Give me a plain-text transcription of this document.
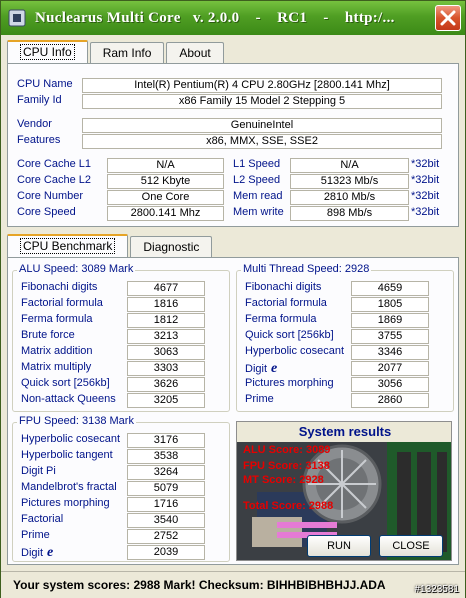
Nuclearus Multi Core   v. 2.0.0    -    RC1    -    http:/...
CPU Info	Ram Info	About
CPU Name	Intel(R) Pentium(R) 4 CPU 2.80GHz [2800.141 Mhz]
Family Id	x86 Family 15 Model 2 Stepping 5
Vendor	GenuineIntel
Features	x86, MMX, SSE, SSE2
Core Cache L1	N/A
Core Cache L2	512 Kbyte
Core Number	One Core
Core Speed	2800.141 Mhz
L1 Speed	N/A	*32bit
L2 Speed	51323 Mb/s	*32bit
Mem read	2810 Mb/s	*32bit
Mem write	898 Mb/s	*32bit
CPU Benchmark	Diagnostic
ALU Speed: 3089 Mark
Fibonachi digits	4677
Factorial formula	1816
Ferma formula	1812
Brute force	3213
Matrix addition	3063
Matrix multiply	3303
Quick sort [256kb]	3626
Non-attack Queens	3205
Multi Thread Speed: 2928
Fibonachi digits	4659
Factorial formula	1805
Ferma formula	1869
Quick sort [256kb]	3755
Hyperbolic cosecant	3346
Digit e	2077
Pictures morphing	3056
Prime	2860
FPU Speed: 3138 Mark
Hyperbolic cosecant	3176
Hyperbolic tangent	3538
Digit Pi	3264
Mandelbrot's fractal	5079
Pictures morphing	1716
Factorial	3540
Prime	2752
Digit e	2039
System results
ALU Score: 3089
FPU Score: 3138
MT Score: 2928
Total Score: 2988
RUN	CLOSE
Your system scores: 2988 Mark! Checksum: BIHHBIBHBHJJ.ADA	#1323581
